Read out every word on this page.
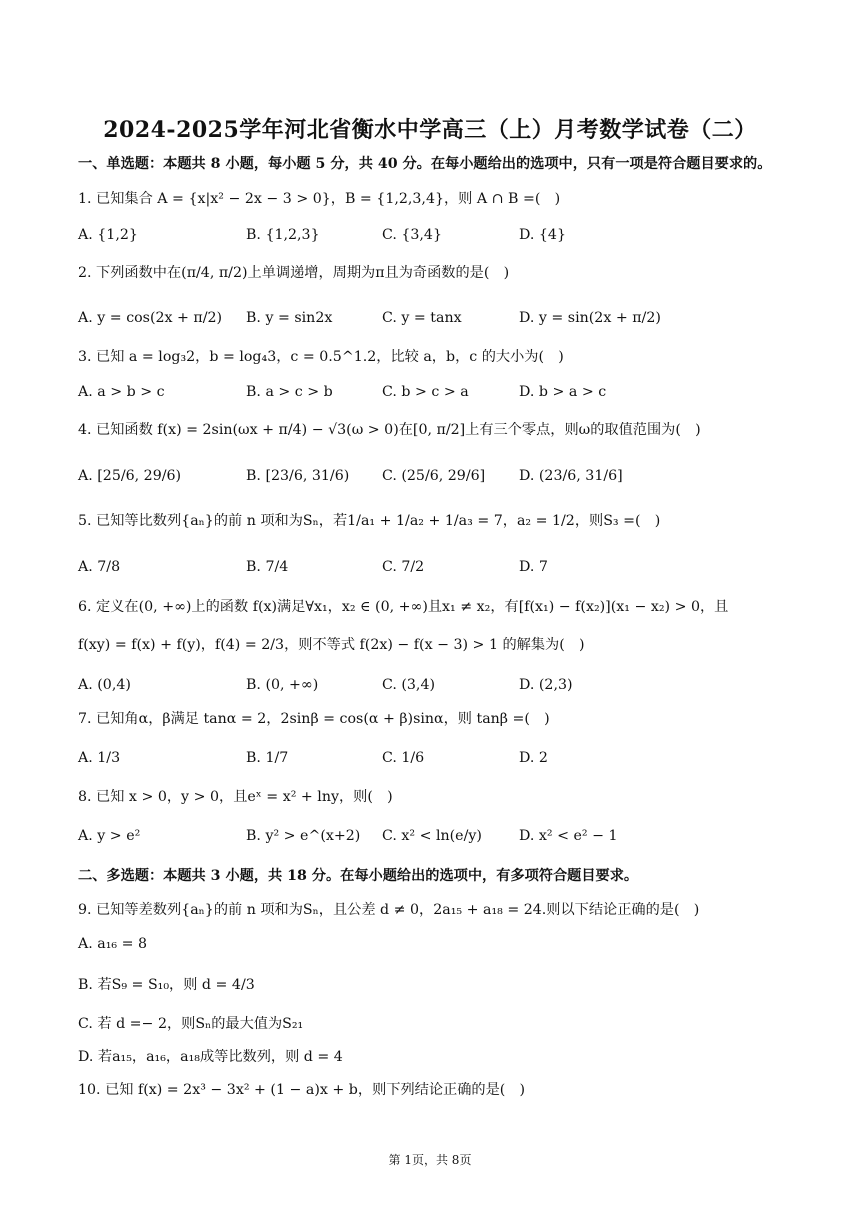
2024-2025学年河北省衡水中学高三（上）月考数学试卷（二）
一、单选题：本题共 8 小题，每小题 5 分，共 40 分。在每小题给出的选项中，只有一项是符合题目要求的。
1. 已知集合 A = {x|x² − 2x − 3 > 0}，B = {1,2,3,4}，则 A ∩ B =(　)
A. {1,2}	B. {1,2,3}	C. {3,4}	D. {4}
2. 下列函数中在(π/4, π/2)上单调递增，周期为π且为奇函数的是(　)
A. y = cos(2x + π/2) B. y = sin2x	C. y = tanx	D. y = sin(2x + π/2)
3. 已知 a = log₃2，b = log₄3，c = 0.5^1.2，比较 a，b，c 的大小为(　)
A. a > b > c	B. a > c > b	C. b > c > a	D. b > a > c
4. 已知函数 f(x) = 2sin(ωx + π/4) − √3(ω > 0)在[0, π/2]上有三个零点，则ω的取值范围为(　)
A. [25/6, 29/6)	B. [23/6, 31/6) C. (25/6, 29/6] D. (23/6, 31/6]
5. 已知等比数列{aₙ}的前 n 项和为Sₙ，若1/a₁ + 1/a₂ + 1/a₃ = 7，a₂ = 1/2，则S₃ =(　)
A. 7/8	B. 7/4	C. 7/2	D. 7
6. 定义在(0, +∞)上的函数 f(x)满足∀x₁，x₂ ∈ (0, +∞)且x₁ ≠ x₂，有[f(x₁) − f(x₂)](x₁ − x₂) > 0，且
f(xy) = f(x) + f(y)，f(4) = 2/3，则不等式 f(2x) − f(x − 3) > 1 的解集为(　)
A. (0,4)	B. (0, +∞)	C. (3,4)	D. (2,3)
7. 已知角α，β满足 tanα = 2，2sinβ = cos(α + β)sinα，则 tanβ =(　)
A. 1/3	B. 1/7	C. 1/6	D. 2
8. 已知 x > 0，y > 0，且eˣ = x² + lny，则(　)
A. y > e²	B. y² > e^(x+2) C. x² < ln(e/y)	D. x² < e² − 1
二、多选题：本题共 3 小题，共 18 分。在每小题给出的选项中，有多项符合题目要求。
9. 已知等差数列{aₙ}的前 n 项和为Sₙ，且公差 d ≠ 0，2a₁₅ + a₁₈ = 24.则以下结论正确的是(　)
A. a₁₆ = 8
B. 若S₉ = S₁₀，则 d = 4/3
C. 若 d =− 2，则Sₙ的最大值为S₂₁
D. 若a₁₅，a₁₆，a₁₈成等比数列，则 d = 4
10. 已知 f(x) = 2x³ − 3x² + (1 − a)x + b，则下列结论正确的是(　)
第 1页，共 8页
